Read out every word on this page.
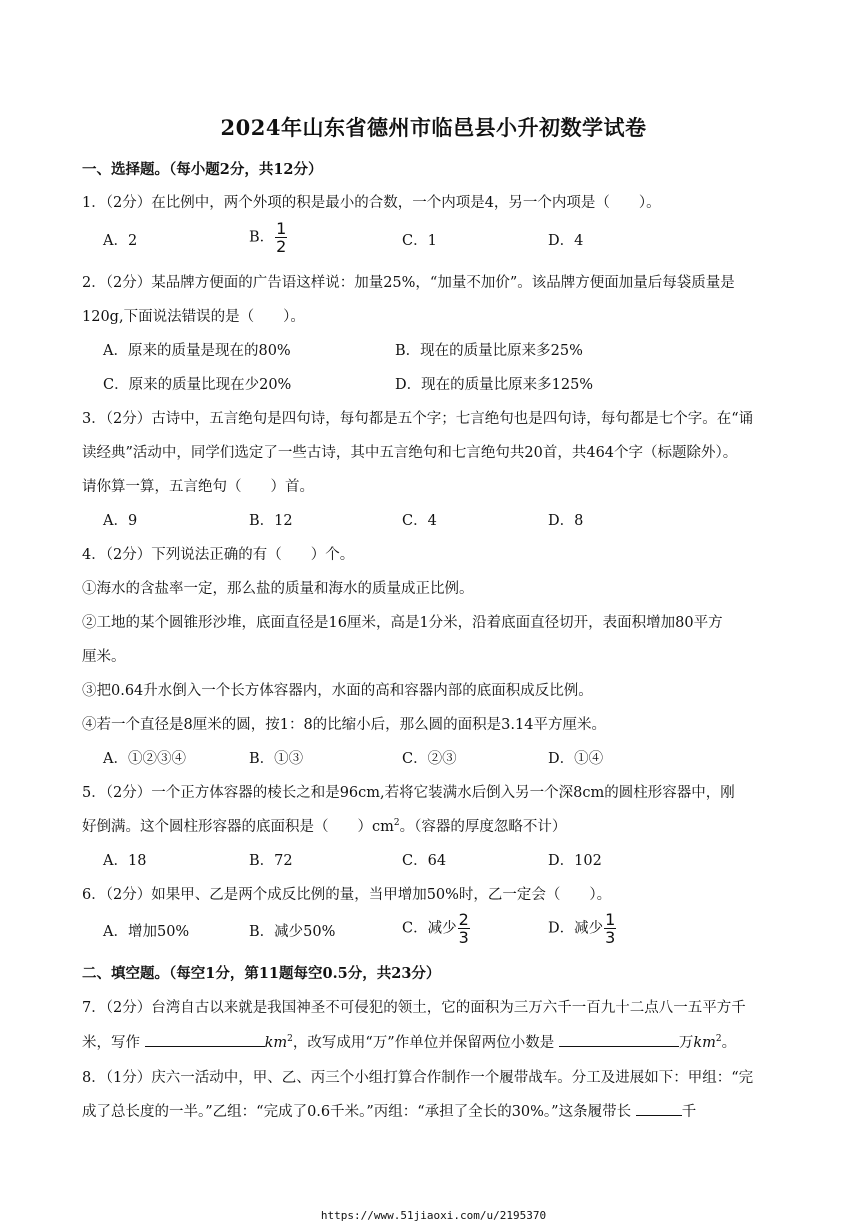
2024年山东省德州市临邑县小升初数学试卷
一、选择题。（每小题2分，共12分）
1．（2分）在比例中，两个外项的积是最小的合数，一个内项是4，另一个内项是（　　）。
A．2	B． $\frac{1}{2}$	C．1	D．4
2．（2分）某品牌方便面的广告语这样说：加量25%，“加量不加价”。该品牌方便面加量后每袋质量是
120g,下面说法错误的是（　　）。
A．原来的质量是现在的80%	B．现在的质量比原来多25%
C．原来的质量比现在少20%	D．现在的质量比原来多125%
3．（2分）古诗中，五言绝句是四句诗，每句都是五个字；七言绝句也是四句诗，每句都是七个字。在“诵
读经典”活动中，同学们选定了一些古诗，其中五言绝句和七言绝句共20首，共464个字（标题除外）。
请你算一算，五言绝句（　　）首。
A．9	B．12	C．4	D．8
4．（2分）下列说法正确的有（　　）个。
①海水的含盐率一定，那么盐的质量和海水的质量成正比例。
②工地的某个圆锥形沙堆，底面直径是16厘米，高是1分米，沿着底面直径切开，表面积增加80平方
厘米。
③把0.64升水倒入一个长方体容器内，水面的高和容器内部的底面积成反比例。
④若一个直径是8厘米的圆，按1：8的比缩小后，那么圆的面积是3.14平方厘米。
A．①②③④	B．①③	C．②③	D．①④
5．（2分）一个正方体容器的棱长之和是96cm,若将它装满水后倒入另一个深8cm的圆柱形容器中，刚
好倒满。这个圆柱形容器的底面积是（　　）$cm^2$。（容器的厚度忽略不计）
A．18	B．72	C．64	D．102
6．（2分）如果甲、乙是两个成反比例的量，当甲增加50%时，乙一定会（　　）。
A．增加50%	B．减少50%	C．减少 $\frac{2}{3}$	D．减少 $\frac{1}{3}$
二、填空题。（每空1分，第11题每空0.5分，共23分）
7．（2分）台湾自古以来就是我国神圣不可侵犯的领土，它的面积为三万六千一百九十二点八一五平方千
米，写作	$km^2$，改写成用“万”作单位并保留两位小数是	万$km^2$。
8．（1分）庆六一活动中，甲、乙、丙三个小组打算合作制作一个履带战车。分工及进展如下：甲组：“完
成了总长度的一半。”乙组：“完成了0.6千米。”丙组：“承担了全长的30%。”这条履带长	千
https://www.51jiaoxi.com/u/2195370
